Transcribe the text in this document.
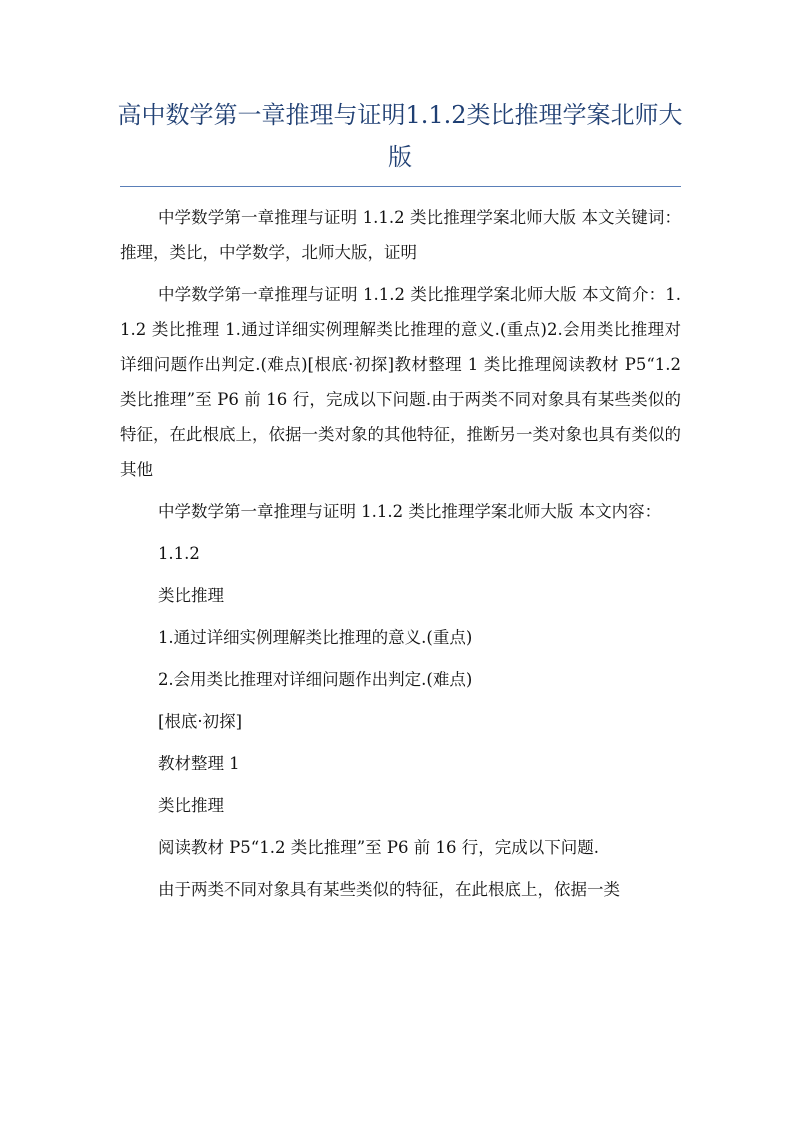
高中数学第一章推理与证明1.1.2类比推理学案北师大版

中学数学第一章推理与证明 1.1.2 类比推理学案北师大版 本文关键词：推理，类比，中学数学，北师大版，证明

中学数学第一章推理与证明 1.1.2 类比推理学案北师大版 本文简介：1.1.2 类比推理 1.通过详细实例理解类比推理的意义.(重点)2.会用类比推理对详细问题作出判定.(难点)[根底·初探]教材整理 1 类比推理阅读教材 P5“1.2 类比推理”至 P6 前 16 行，完成以下问题.由于两类不同对象具有某些类似的特征，在此根底上，依据一类对象的其他特征，推断另一类对象也具有类似的其他

中学数学第一章推理与证明 1.1.2 类比推理学案北师大版 本文内容：

1.1.2

类比推理

1.通过详细实例理解类比推理的意义.(重点)

2.会用类比推理对详细问题作出判定.(难点)

[根底·初探]

教材整理 1

类比推理

阅读教材 P5“1.2 类比推理”至 P6 前 16 行，完成以下问题.

由于两类不同对象具有某些类似的特征，在此根底上，依据一类
